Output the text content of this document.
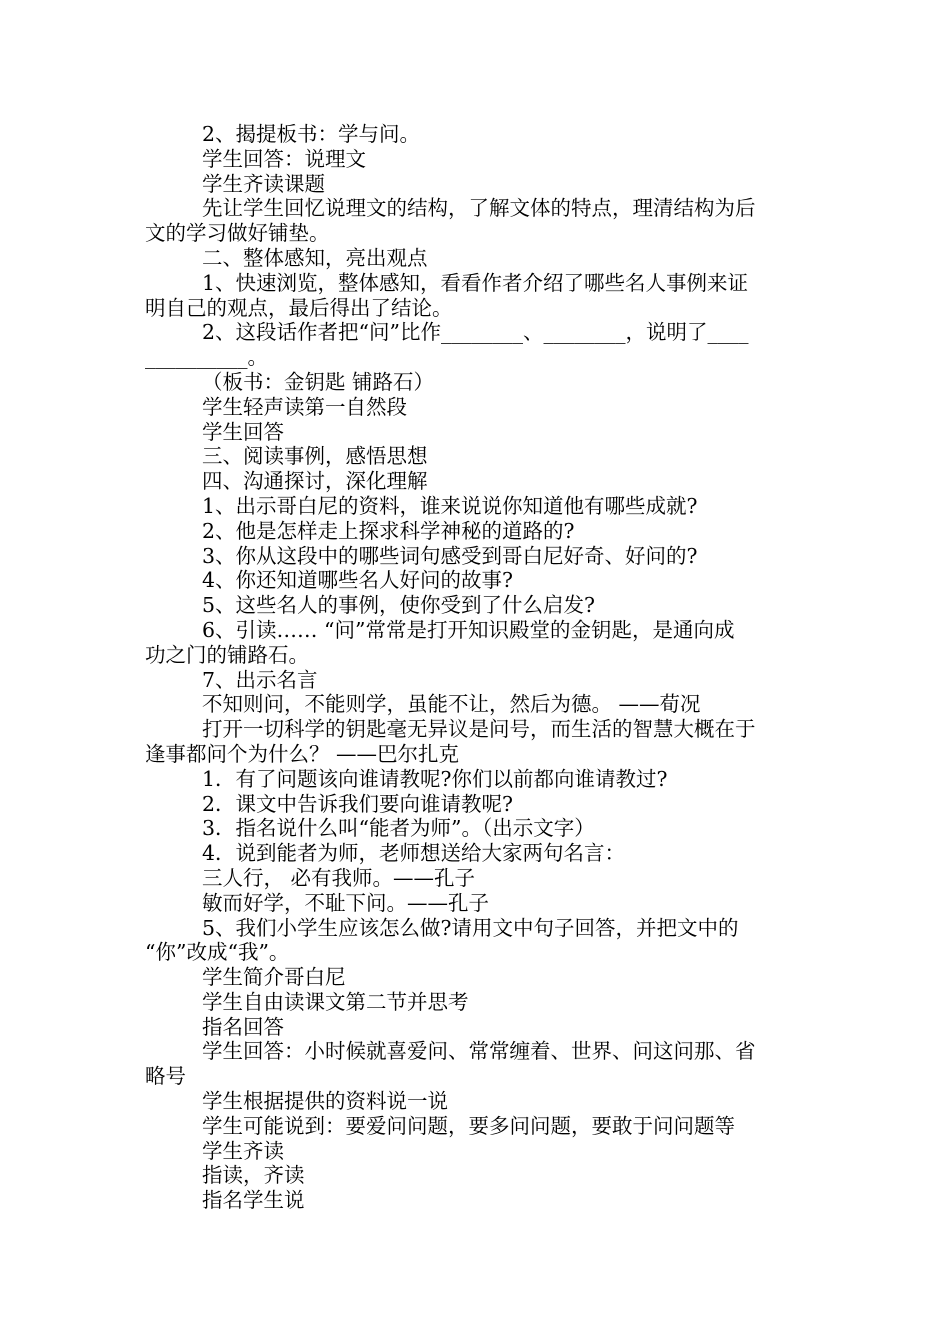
2、揭提板书：学与问。
学生回答：说理文
学生齐读课题
先让学生回忆说理文的结构，了解文体的特点，理清结构为后
文的学习做好铺垫。
二、整体感知，亮出观点
1、快速浏览，整体感知，看看作者介绍了哪些名人事例来证
明自己的观点，最后得出了结论。
2、这段话作者把“问”比作________、________，说明了____
__________。
（板书：金钥匙 铺路石）
学生轻声读第一自然段
学生回答
三、阅读事例，感悟思想
四、沟通探讨，深化理解
1、出示哥白尼的资料，谁来说说你知道他有哪些成就?
2、他是怎样走上探求科学神秘的道路的?
3、你从这段中的哪些词句感受到哥白尼好奇、好问的?
4、你还知道哪些名人好问的故事?
5、这些名人的事例，使你受到了什么启发?
6、引读…… “问”常常是打开知识殿堂的金钥匙，是通向成
功之门的铺路石。
7、出示名言
不知则问，不能则学，虽能不让，然后为德。 ——荀况
打开一切科学的钥匙毫无异议是问号，而生活的智慧大概在于
逢事都问个为什么？ ——巴尔扎克
1．有了问题该向谁请教呢?你们以前都向谁请教过?
2．课文中告诉我们要向谁请教呢?
3．指名说什么叫“能者为师”。（出示文字）
4．说到能者为师，老师想送给大家两句名言：
三人行， 必有我师。——孔子
敏而好学，不耻下问。——孔子
5、我们小学生应该怎么做?请用文中句子回答，并把文中的
“你”改成“我”。
学生简介哥白尼
学生自由读课文第二节并思考
指名回答
学生回答：小时候就喜爱问、常常缠着、世界、问这问那、省
略号
学生根据提供的资料说一说
学生可能说到：要爱问问题，要多问问题，要敢于问问题等
学生齐读
指读，齐读
指名学生说
